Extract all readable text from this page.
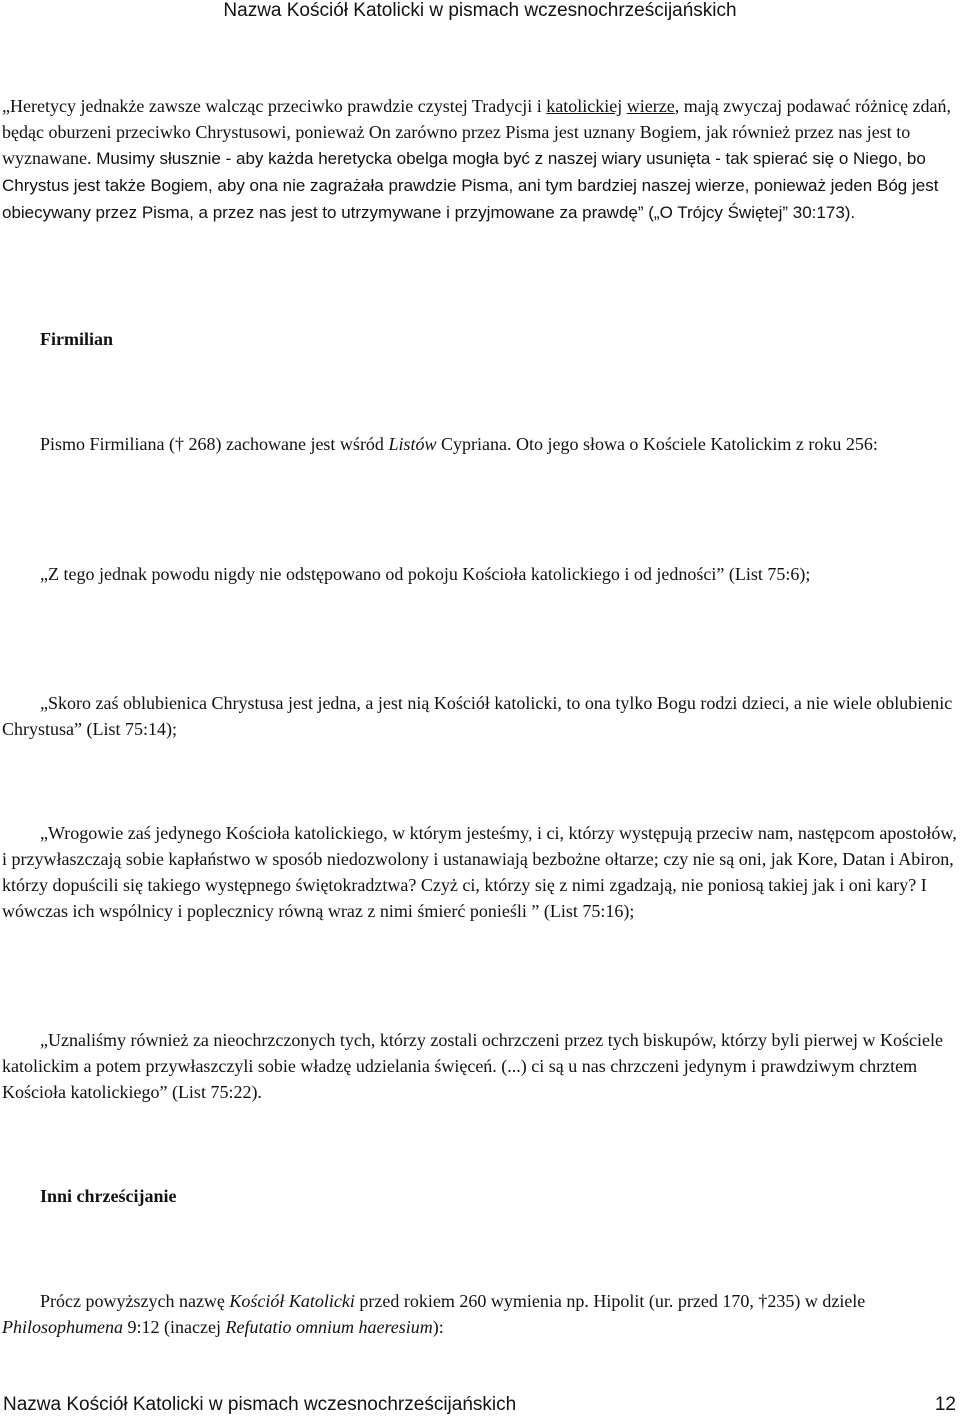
Nazwa Kościół Katolicki w pismach wczesnochrześcijańskich
„Heretycy jednakże zawsze walcząc przeciwko prawdzie czystej Tradycji i katolickiej wierze, mają zwyczaj podawać różnicę zdań, będąc oburzeni przeciwko Chrystusowi, ponieważ On zarówno przez Pisma jest uznany Bogiem, jak również przez nas jest to wyznawane. Musimy słusznie - aby każda heretycka obelga mogła być z naszej wiary usunięta - tak spierać się o Niego, bo Chrystus jest także Bogiem, aby ona nie zagrażała prawdzie Pisma, ani tym bardziej naszej wierze, ponieważ jeden Bóg jest obiecywany przez Pisma, a przez nas jest to utrzymywane i przyjmowane za prawdę” („O Trójcy Świętej” 30:173).
Firmilian
Pismo Firmiliana († 268) zachowane jest wśród Listów Cypriana. Oto jego słowa o Kościele Katolickim z roku 256:
„Z tego jednak powodu nigdy nie odstępowano od pokoju Kościoła katolickiego i od jedności” (List 75:6);
„Skoro zaś oblubienica Chrystusa jest jedna, a jest nią Kościół katolicki, to ona tylko Bogu rodzi dzieci, a nie wiele oblubienic Chrystusa” (List 75:14);
„Wrogowie zaś jedynego Kościoła katolickiego, w którym jesteśmy, i ci, którzy występują przeciw nam, następcom apostołów, i przywłaszczają sobie kapłaństwo w sposób niedozwolony i ustanawiają bezbożne ołtarze; czy nie są oni, jak Kore, Datan i Abiron, którzy dopuścili się takiego występnego świętokradztwa? Czyż ci, którzy się z nimi zgadzają, nie poniosą takiej jak i oni kary? I wówczas ich wspólnicy i poplecznicy równą wraz z nimi śmierć ponieśli ” (List 75:16);
„Uznaliśmy również za nieochrzczonych tych, którzy zostali ochrzczeni przez tych biskupów, którzy byli pierwej w Kościele katolickim a potem przywłaszczyli sobie władzę udzielania święceń. (...) ci są u nas chrzczeni jedynym i prawdziwym chrztem Kościoła katolickiego” (List 75:22).
Inni chrześcijanie
Prócz powyższych nazwę Kościół Katolicki przed rokiem 260 wymienia np. Hipolit (ur. przed 170, †235) w dziele Philosophumena 9:12 (inaczej Refutatio omnium haeresium):
Nazwa Kościół Katolicki w pismach wczesnochrześcijańskich	12
